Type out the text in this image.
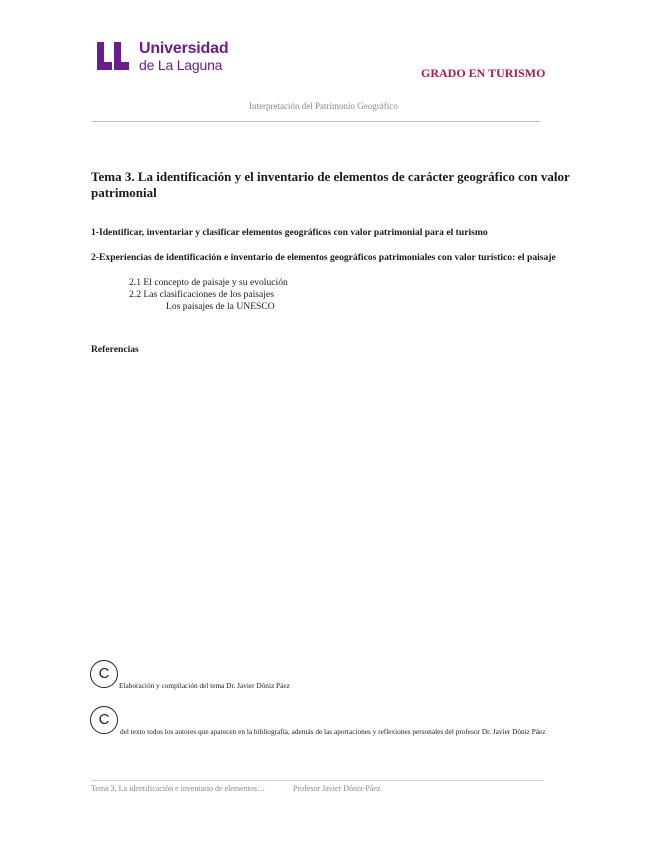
Universidad
de La Laguna	GRADO EN TURISMO
Interpretación del Patrimonio Geográfico
Tema 3. La identificación y el inventario de elementos de carácter geográfico con valor patrimonial
1-Identificar, inventariar y clasificar elementos geográficos con valor patrimonial para el turismo
2-Experiencias de identificación e inventario de elementos geográficos patrimoniales con valor turístico: el paisaje
2.1 El concepto de paisaje y su evolución
2.2 Las clasificaciones de los paisajes
Los paisajes de la UNESCO
Referencias
C
Elaboración y compilación del tema Dr. Javier Dóniz Páez
C
del texto todos los autores que aparecen en la bibliografía, además de las aportaciones y reflexiones personales del profesor Dr. Javier Dóniz Páez
Tema 3. La identificación e inventario de elementos…	Profesor Javier Dóniz-Páez
